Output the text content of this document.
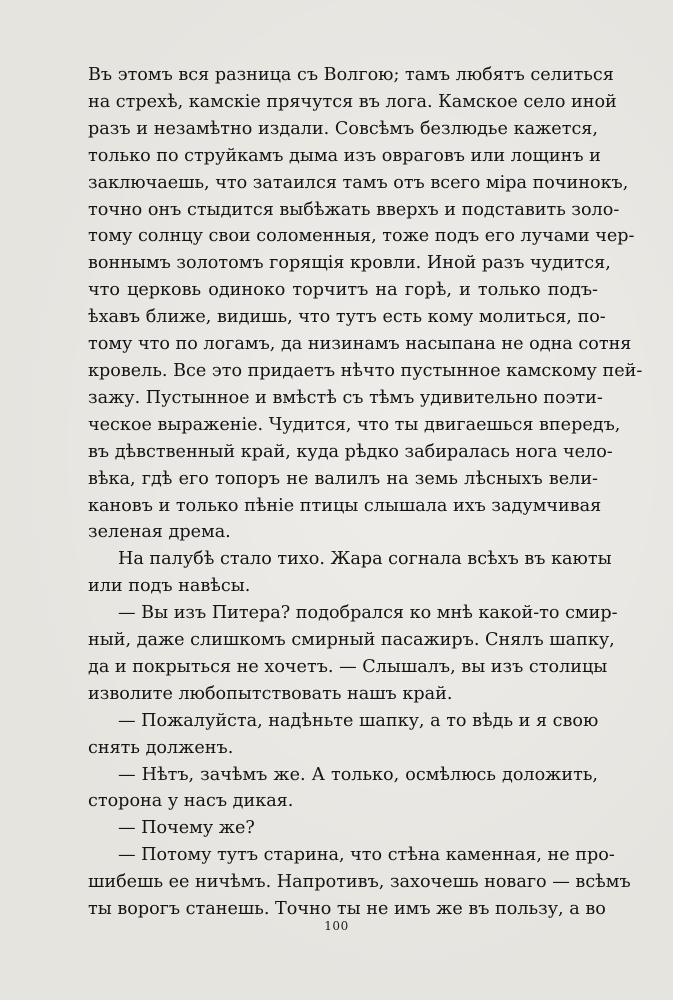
Въ этомъ вся разница съ Волгою; тамъ любятъ селиться
на стрехѣ, камскiе прячутся въ лога. Камское село иной
разъ и незамѣтно издали. Совсѣмъ безлюдье кажется,
только по струйкамъ дыма изъ овраговъ или лощинъ и
заключаешь, что затаился тамъ отъ всего мiра починокъ,
точно онъ стыдится выбѣжать вверхъ и подставить золо-
тому солнцу свои соломенныя, тоже подъ его лучами чер-
воннымъ золотомъ горящiя кровли. Иной разъ чудится,
что церковь одиноко торчитъ на горѣ, и только подъ-
ѣхавъ ближе, видишь, что тутъ есть кому молиться, по-
тому что по логамъ, да низинамъ насыпана не одна сотня
кровель. Все это придаетъ нѣчто пустынное камскому пей-
зажу. Пустынное и вмѣстѣ съ тѣмъ удивительно поэти-
ческое выраженiе. Чудится, что ты двигаешься впередъ,
въ дѣвственный край, куда рѣдко забиралась нога чело-
вѣка, гдѣ его топоръ не валилъ на земь лѣсныхъ вели-
кановъ и только пѣнiе птицы слышала ихъ задумчивая
зеленая дрема.
На палубѣ стало тихо. Жара согнала всѣхъ въ каюты
или подъ навѣсы.
— Вы изъ Питера? подобрался ко мнѣ какой-то смир-
ный, даже слишкомъ смирный пасажиръ. Снялъ шапку,
да и покрыться не хочетъ. — Слышалъ, вы изъ столицы
изволите любопытствовать нашъ край.
— Пожалуйста, надѣньте шапку, а то вѣдь и я свою
снять долженъ.
— Нѣтъ, зачѣмъ же. А только, осмѣлюсь доложить,
сторона у насъ дикая.
— Почему же?
— Потому тутъ старина, что стѣна каменная, не про-
шибешь ее ничѣмъ. Напротивъ, захочешь новаго — всѣмъ
ты ворогъ станешь. Точно ты не имъ же въ пользу, а во
100
